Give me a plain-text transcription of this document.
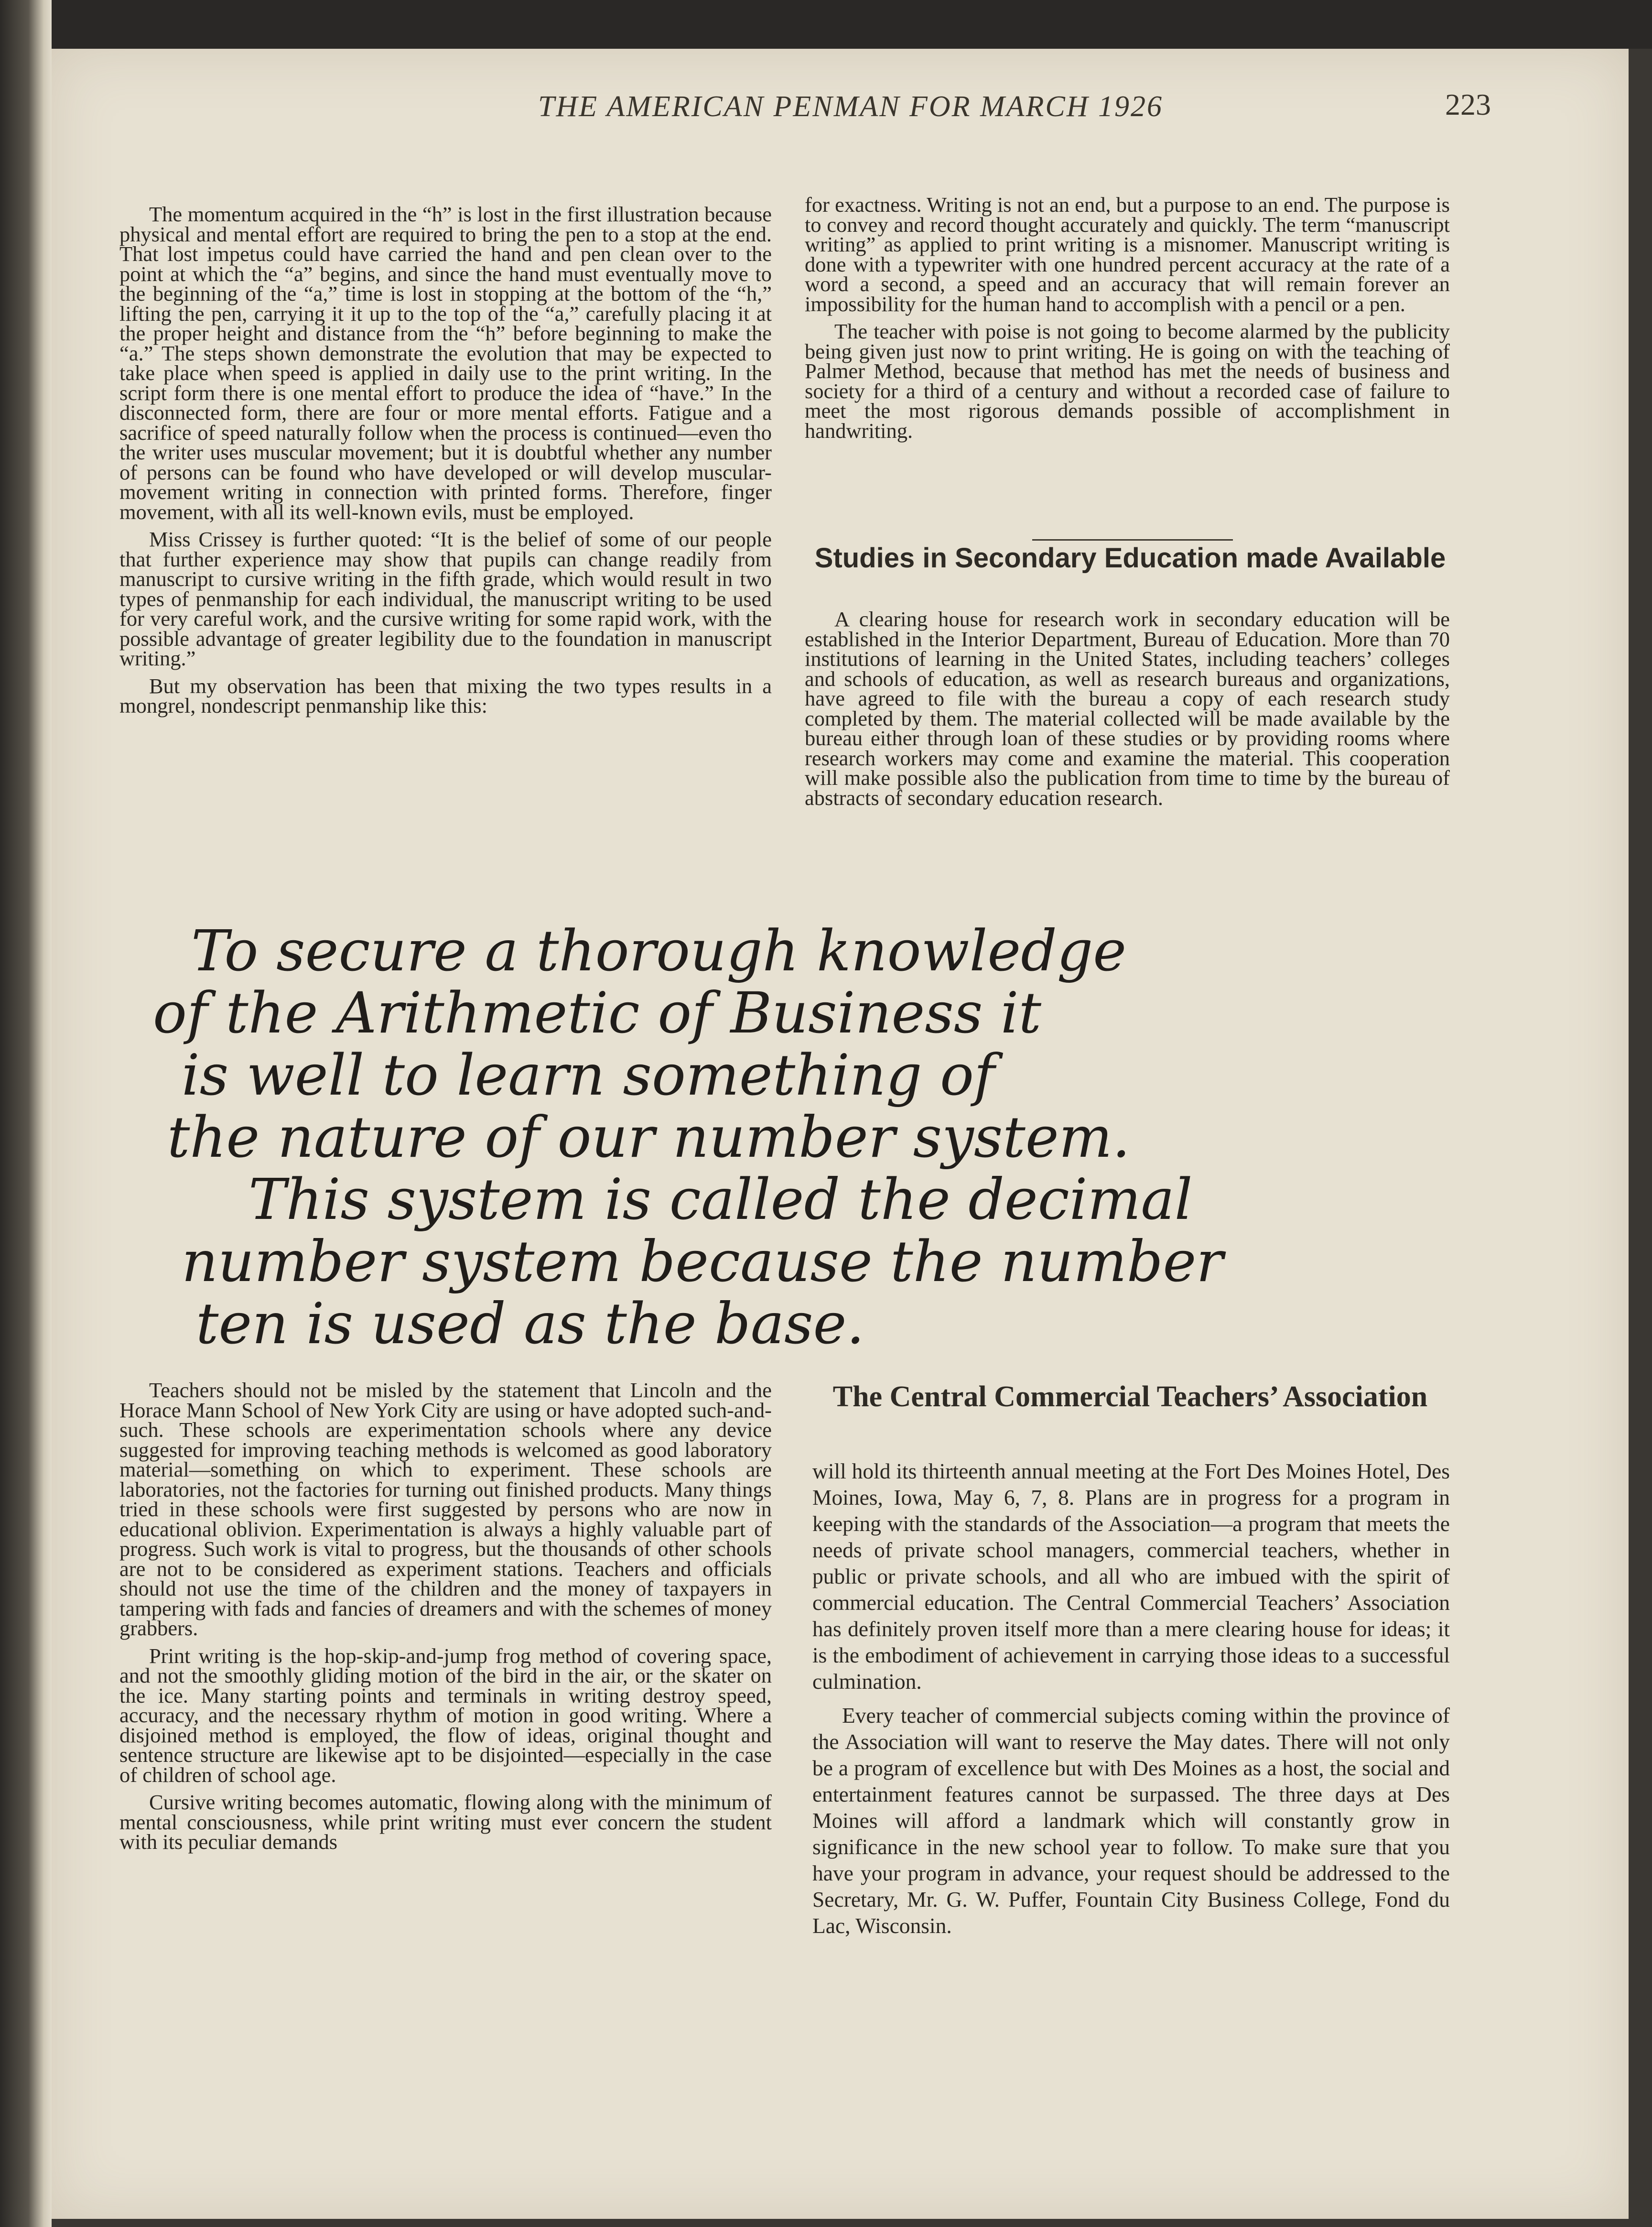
THE AMERICAN PENMAN FOR MARCH 1926	223

The momentum acquired in the “h” is lost in the first illustration because physical and mental effort are required to bring the pen to a stop at the end. That lost impetus could have carried the hand and pen clean over to the point at which the “a” begins, and since the hand must eventually move to the beginning of the “a,” time is lost in stopping at the bottom of the “h,” lifting the pen, carrying it it up to the top of the “a,” carefully placing it at the proper height and distance from the “h” before beginning to make the “a.” The steps shown demonstrate the evolution that may be expected to take place when speed is applied in daily use to the print writing. In the script form there is one mental effort to produce the idea of “have.” In the disconnected form, there are four or more mental efforts. Fatigue and a sacrifice of speed naturally follow when the process is continued—even tho the writer uses muscular movement; but it is doubtful whether any number of persons can be found who have developed or will develop muscular-movement writing in connection with printed forms. Therefore, finger movement, with all its well-known evils, must be employed.

Miss Crissey is further quoted: “It is the belief of some of our people that further experience may show that pupils can change readily from manuscript to cursive writing in the fifth grade, which would result in two types of penmanship for each individual, the manuscript writing to be used for very careful work, and the cursive writing for some rapid work, with the possible advantage of greater legibility due to the foundation in manuscript writing.”

But my observation has been that mixing the two types results in a mongrel, nondescript penmanship like this:

for exactness. Writing is not an end, but a purpose to an end. The purpose is to convey and record thought accurately and quickly. The term “manuscript writing” as applied to print writing is a misnomer. Manuscript writing is done with a typewriter with one hundred percent accuracy at the rate of a word a second, a speed and an accuracy that will remain forever an impossibility for the human hand to accomplish with a pencil or a pen.

The teacher with poise is not going to become alarmed by the publicity being given just now to print writing. He is going on with the teaching of Palmer Method, because that method has met the needs of business and society for a third of a century and without a recorded case of failure to meet the most rigorous demands possible of accomplishment in handwriting.

Studies in Secondary Education made Available

A clearing house for research work in secondary education will be established in the Interior Department, Bureau of Education. More than 70 institutions of learning in the United States, including teachers’ colleges and schools of education, as well as research bureaus and organizations, have agreed to file with the bureau a copy of each research study completed by them. The material collected will be made available by the bureau either through loan of these studies or by providing rooms where research workers may come and examine the material. This cooperation will make possible also the publication from time to time by the bureau of abstracts of secondary education research.

To secure a thorough knowledge
of the Arithmetic of Business it
is well to learn something of
the nature of our number system.
This system is called the decimal
number system because the number
ten is used as the base.

Teachers should not be misled by the statement that Lincoln and the Horace Mann School of New York City are using or have adopted such-and-such. These schools are experimentation schools where any device suggested for improving teaching methods is welcomed as good laboratory material—something on which to experiment. These schools are laboratories, not the factories for turning out finished products. Many things tried in these schools were first suggested by persons who are now in educational oblivion. Experimentation is always a highly valuable part of progress. Such work is vital to progress, but the thousands of other schools are not to be considered as experiment stations. Teachers and officials should not use the time of the children and the money of taxpayers in tampering with fads and fancies of dreamers and with the schemes of money grabbers.

Print writing is the hop-skip-and-jump frog method of covering space, and not the smoothly gliding motion of the bird in the air, or the skater on the ice. Many starting points and terminals in writing destroy speed, accuracy, and the necessary rhythm of motion in good writing. Where a disjoined method is employed, the flow of ideas, original thought and sentence structure are likewise apt to be disjointed—especially in the case of children of school age.

Cursive writing becomes automatic, flowing along with the minimum of mental consciousness, while print writing must ever concern the student with its peculiar demands

The Central Commercial Teachers’ Association

will hold its thirteenth annual meeting at the Fort Des Moines Hotel, Des Moines, Iowa, May 6, 7, 8. Plans are in progress for a program in keeping with the standards of the Association—a program that meets the needs of private school managers, commercial teachers, whether in public or private schools, and all who are imbued with the spirit of commercial education. The Central Commercial Teachers’ Association has definitely proven itself more than a mere clearing house for ideas; it is the embodiment of achievement in carrying those ideas to a successful culmination.

Every teacher of commercial subjects coming within the province of the Association will want to reserve the May dates. There will not only be a program of excellence but with Des Moines as a host, the social and entertainment features cannot be surpassed. The three days at Des Moines will afford a landmark which will constantly grow in significance in the new school year to follow. To make sure that you have your program in advance, your request should be addressed to the Secretary, Mr. G. W. Puffer, Fountain City Business College, Fond du Lac, Wisconsin.
